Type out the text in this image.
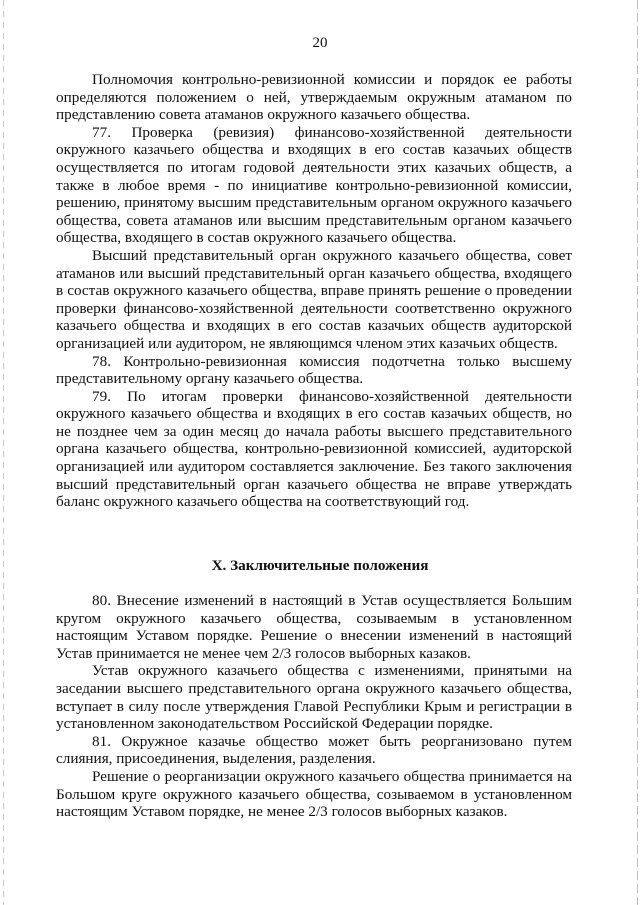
20

Полномочия контрольно-ревизионной комиссии и порядок ее работы определяются положением о ней, утверждаемым окружным атаманом по представлению совета атаманов окружного казачьего общества.

77. Проверка (ревизия) финансово-хозяйственной деятельности окружного казачьего общества и входящих в его состав казачьих обществ осуществляется по итогам годовой деятельности этих казачьих обществ, а также в любое время - по инициативе контрольно-ревизионной комиссии, решению, принятому высшим представительным органом окружного казачьего общества, совета атаманов или высшим представительным органом казачьего общества, входящего в состав окружного казачьего общества.

Высший представительный орган окружного казачьего общества, совет атаманов или высший представительный орган казачьего общества, входящего в состав окружного казачьего общества, вправе принять решение о проведении проверки финансово-хозяйственной деятельности соответственно окружного казачьего общества и входящих в его состав казачьих обществ аудиторской организацией или аудитором, не являющимся членом этих казачьих обществ.

78. Контрольно-ревизионная комиссия подотчетна только высшему представительному органу казачьего общества.

79. По итогам проверки финансово-хозяйственной деятельности окружного казачьего общества и входящих в его состав казачьих обществ, но не позднее чем за один месяц до начала работы высшего представительного органа казачьего общества, контрольно-ревизионной комиссией, аудиторской организацией или аудитором составляется заключение. Без такого заключения высший представительный орган казачьего общества не вправе утверждать баланс окружного казачьего общества на соответствующий год.

X. Заключительные положения

80. Внесение изменений в настоящий в Устав осуществляется Большим кругом окружного казачьего общества, созываемым в установленном настоящим Уставом порядке. Решение о внесении изменений в настоящий Устав принимается не менее чем 2/3 голосов выборных казаков.

Устав окружного казачьего общества с изменениями, принятыми на заседании высшего представительного органа окружного казачьего общества, вступает в силу после утверждения Главой Республики Крым и регистрации в установленном законодательством Российской Федерации порядке.

81. Окружное казачье общество может быть реорганизовано путем слияния, присоединения, выделения, разделения.

Решение о реорганизации окружного казачьего общества принимается на Большом круге окружного казачьего общества, созываемом в установленном настоящим Уставом порядке, не менее 2/3 голосов выборных казаков.
